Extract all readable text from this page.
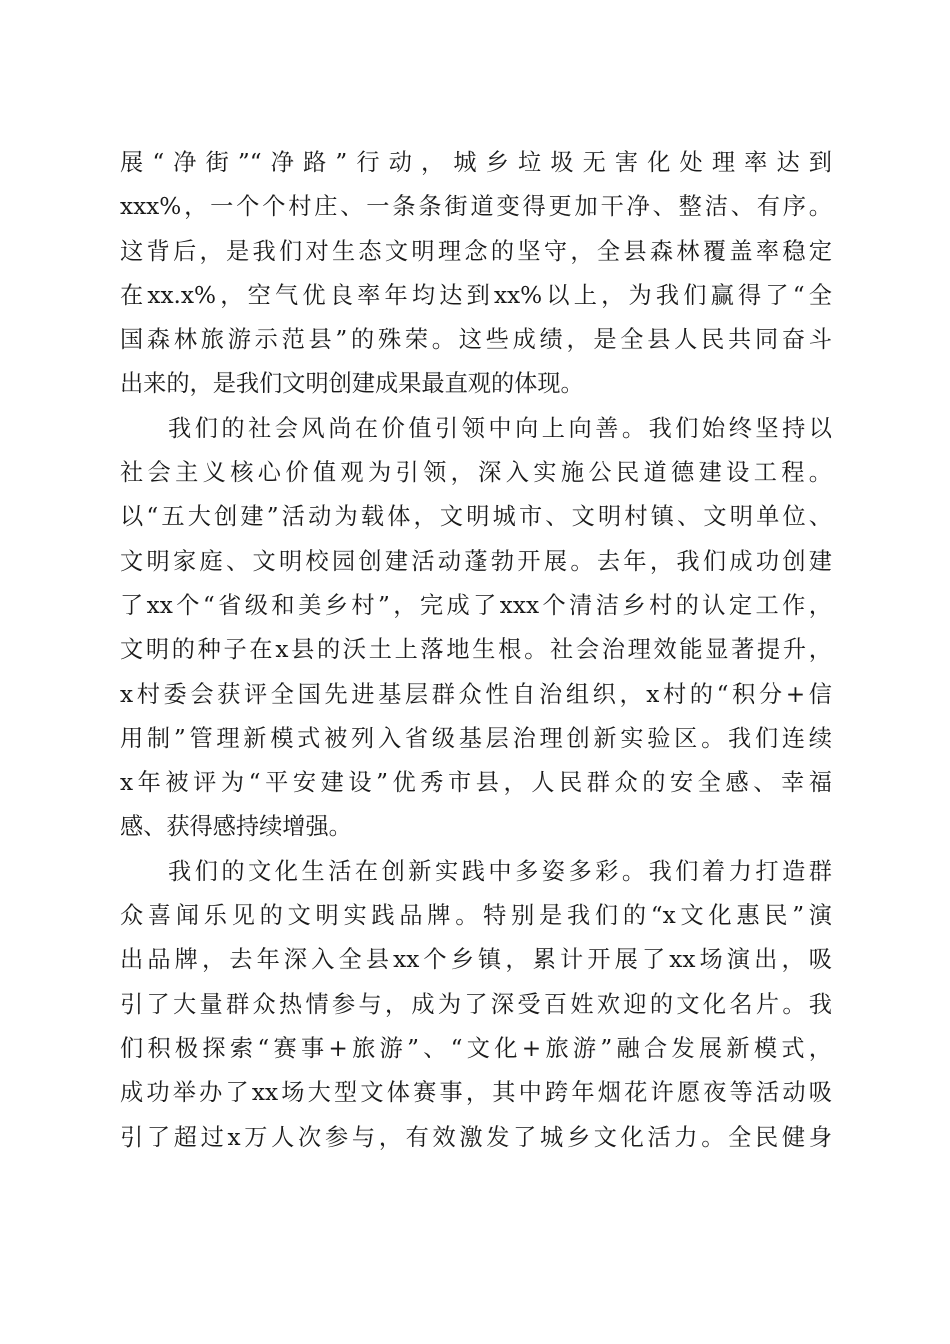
展“净街”“净路”行动，城乡垃圾无害化处理率达到
xxx%，一个个村庄、一条条街道变得更加干净、整洁、有序。
这背后，是我们对生态文明理念的坚守，全县森林覆盖率稳定
在xx.x%，空气优良率年均达到xx%以上，为我们赢得了“全
国森林旅游示范县”的殊荣。这些成绩，是全县人民共同奋斗
出来的，是我们文明创建成果最直观的体现。
我们的社会风尚在价值引领中向上向善。我们始终坚持以
社会主义核心价值观为引领，深入实施公民道德建设工程。
以“五大创建”活动为载体，文明城市、文明村镇、文明单位、
文明家庭、文明校园创建活动蓬勃开展。去年，我们成功创建
了xx个“省级和美乡村”，完成了xxx个清洁乡村的认定工作，
文明的种子在x县的沃土上落地生根。社会治理效能显著提升，
x村委会获评全国先进基层群众性自治组织，x村的“积分+信
用制”管理新模式被列入省级基层治理创新实验区。我们连续
x年被评为“平安建设”优秀市县，人民群众的安全感、幸福
感、获得感持续增强。
我们的文化生活在创新实践中多姿多彩。我们着力打造群
众喜闻乐见的文明实践品牌。特别是我们的“x文化惠民”演
出品牌，去年深入全县xx个乡镇，累计开展了xx场演出，吸
引了大量群众热情参与，成为了深受百姓欢迎的文化名片。我
们积极探索“赛事+旅游”、“文化+旅游”融合发展新模式，
成功举办了xx场大型文体赛事，其中跨年烟花许愿夜等活动吸
引了超过x万人次参与，有效激发了城乡文化活力。全民健身
